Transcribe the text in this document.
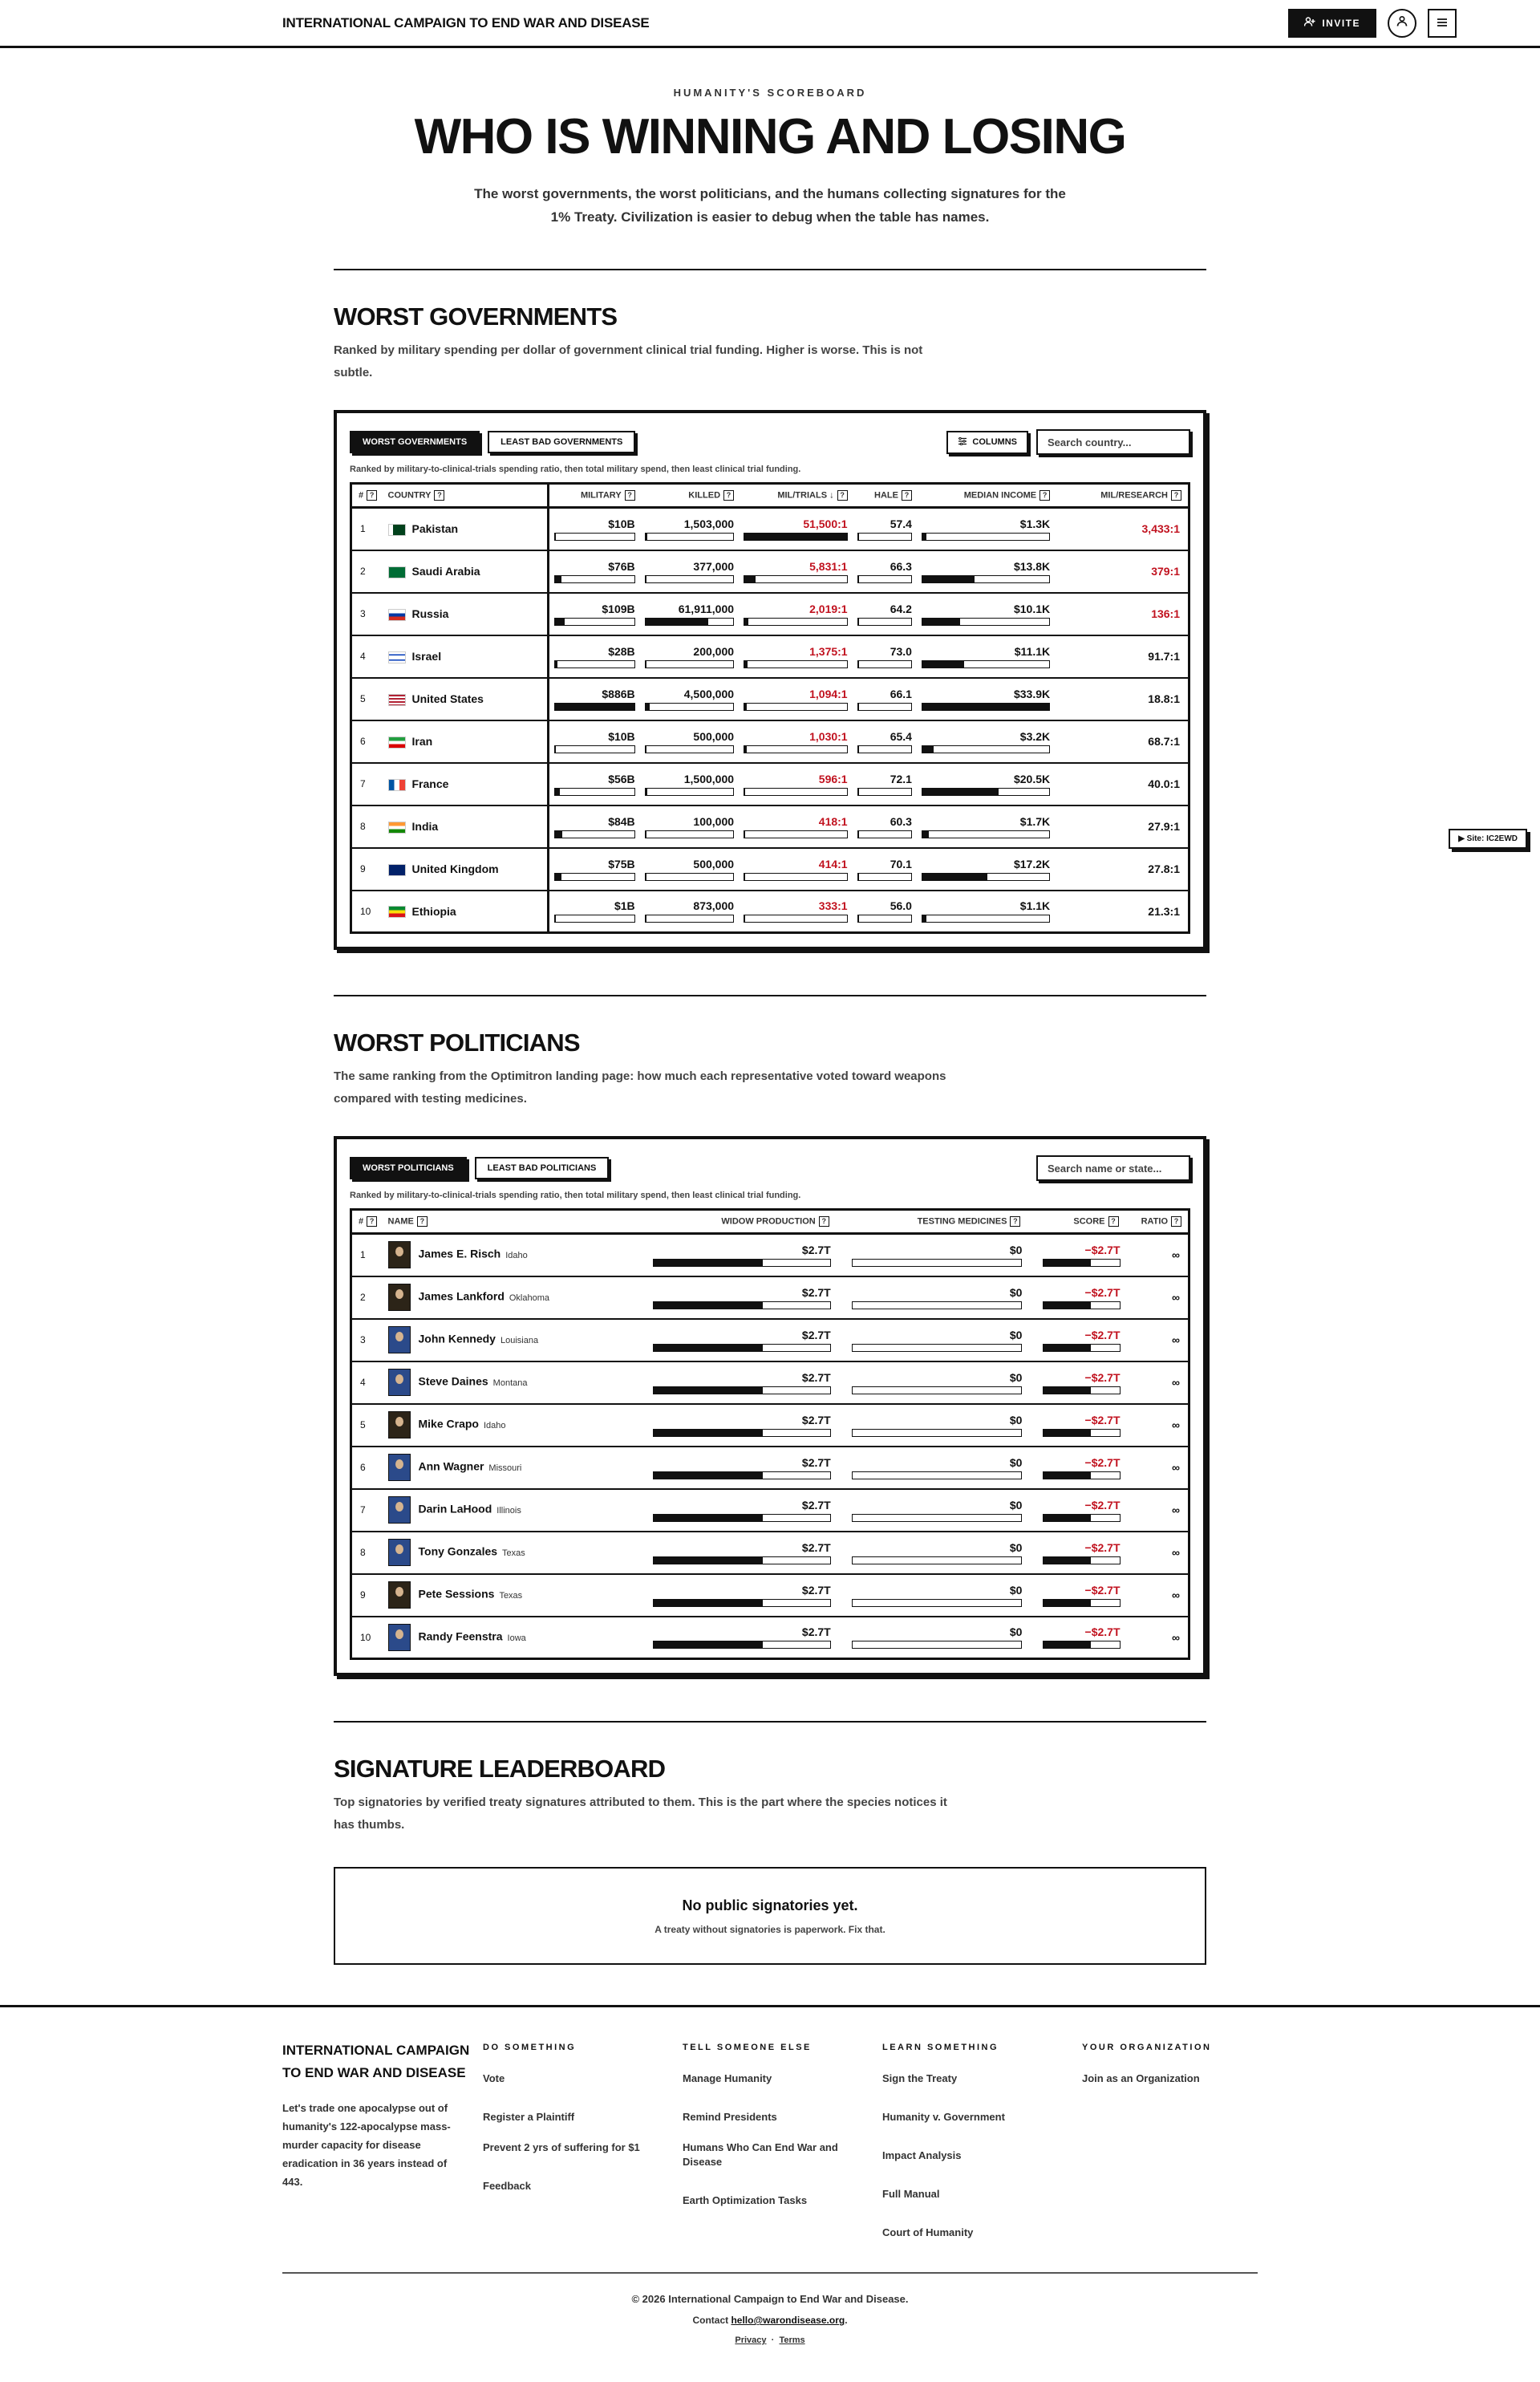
INTERNATIONAL CAMPAIGN TO END WAR AND DISEASE	INVITE
HUMANITY'S SCOREBOARD
WHO IS WINNING AND LOSING

The worst governments, the worst politicians, and the humans collecting signatures for the 1% Treaty. Civilization is easier to debug when the table has names.

WORST GOVERNMENTS
Ranked by military spending per dollar of government clinical trial funding. Higher is worse. This is not subtle.
WORST GOVERNMENTS	LEAST BAD GOVERNMENTS	COLUMNS
Search country...
Ranked by military-to-clinical-trials spending ratio, then total military spend, then least clinical trial funding.
# ?	COUNTRY ?	MILITARY ?	KILLED ?	MIL/TRIALS ↓ ?	HALE ?	MEDIAN INCOME ?	MIL/RESEARCH ?
1	Pakistan	$10B	1,503,000	51,500:1	57.4	$1.3K	3,433:1
2	Saudi Arabia	$76B	377,000	5,831:1	66.3	$13.8K	379:1
3	Russia	$109B	61,911,000	2,019:1	64.2	$10.1K	136:1
4	Israel	$28B	200,000	1,375:1	73.0	$11.1K	91.7:1
5	United States	$886B	4,500,000	1,094:1	66.1	$33.9K	18.8:1
6	Iran	$10B	500,000	1,030:1	65.4	$3.2K	68.7:1
7	France	$56B	1,500,000	596:1	72.1	$20.5K	40.0:1
8	India	$84B	100,000	418:1	60.3	$1.7K	27.9:1
9	United Kingdom	$75B	500,000	414:1	70.1	$17.2K	27.8:1
10	Ethiopia	$1B	873,000	333:1	56.0	$1.1K	21.3:1
WORST POLITICIANS
The same ranking from the Optimitron landing page: how much each representative voted toward weapons compared with testing medicines.
WORST POLITICIANS	LEAST BAD POLITICIANS
Search name or state...
Ranked by military-to-clinical-trials spending ratio, then total military spend, then least clinical trial funding.
# ?	NAME ?	WIDOW PRODUCTION ?	TESTING MEDICINES ?	SCORE ?	RATIO ?
1	James E. Risch Idaho	$2.7T	$0	−$2.7T	∞
2	James Lankford Oklahoma	$2.7T	$0	−$2.7T	∞
3	John Kennedy Louisiana	$2.7T	$0	−$2.7T	∞
4	Steve Daines Montana	$2.7T	$0	−$2.7T	∞
5	Mike Crapo Idaho	$2.7T	$0	−$2.7T	∞
6	Ann Wagner Missouri	$2.7T	$0	−$2.7T	∞
7	Darin LaHood Illinois	$2.7T	$0	−$2.7T	∞
8	Tony Gonzales Texas	$2.7T	$0	−$2.7T	∞
9	Pete Sessions Texas	$2.7T	$0	−$2.7T	∞
10	Randy Feenstra Iowa	$2.7T	$0	−$2.7T	∞
SIGNATURE LEADERBOARD
Top signatories by verified treaty signatures attributed to them. This is the part where the species notices it has thumbs.
No public signatories yet.
A treaty without signatories is paperwork. Fix that.
▶ Site: IC2EWD
INTERNATIONAL CAMPAIGN TO END WAR AND DISEASE

Let's trade one apocalypse out of humanity's 122-apocalypse mass-murder capacity for disease eradication in 36 years instead of 443.

DO SOMETHING
Vote
Register a Plaintiff
Prevent 2 yrs of suffering for $1
Feedback
TELL SOMEONE ELSE
Manage Humanity
Remind Presidents
Humans Who Can End War and Disease
Earth Optimization Tasks
LEARN SOMETHING
Sign the Treaty
Humanity v. Government
Impact Analysis
Full Manual
Court of Humanity
YOUR ORGANIZATION
Join as an Organization
© 2026 International Campaign to End War and Disease.
Contact hello@warondisease.org.
Privacy · Terms
